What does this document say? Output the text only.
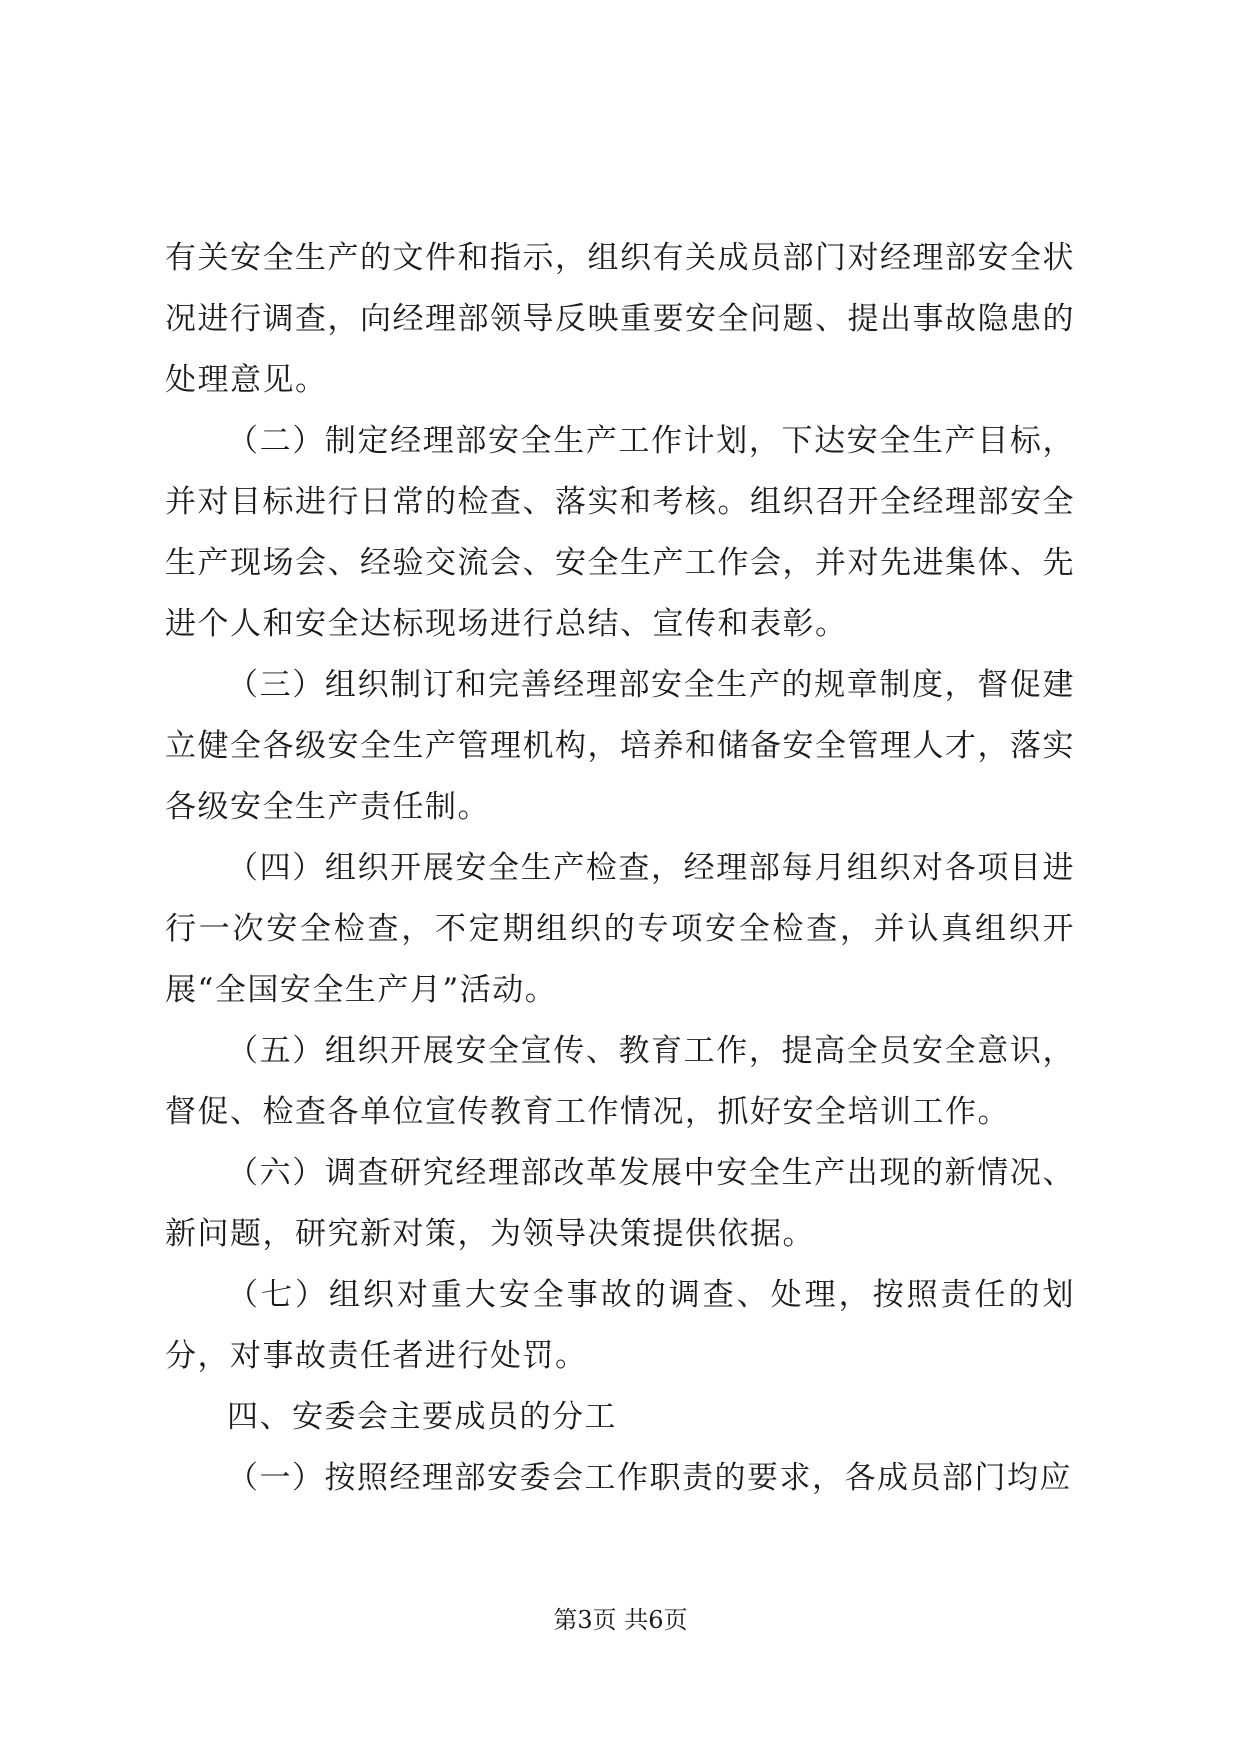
有关安全生产的文件和指示，组织有关成员部门对经理部安全状况进行调查，向经理部领导反映重要安全问题、提出事故隐患的处理意见。

（二）制定经理部安全生产工作计划，下达安全生产目标，并对目标进行日常的检查、落实和考核。组织召开全经理部安全生产现场会、经验交流会、安全生产工作会，并对先进集体、先进个人和安全达标现场进行总结、宣传和表彰。

（三）组织制订和完善经理部安全生产的规章制度，督促建立健全各级安全生产管理机构，培养和储备安全管理人才，落实各级安全生产责任制。

（四）组织开展安全生产检查，经理部每月组织对各项目进行一次安全检查，不定期组织的专项安全检查，并认真组织开展“全国安全生产月”活动。

（五）组织开展安全宣传、教育工作，提高全员安全意识，督促、检查各单位宣传教育工作情况，抓好安全培训工作。

（六）调查研究经理部改革发展中安全生产出现的新情况、新问题，研究新对策，为领导决策提供依据。

（七）组织对重大安全事故的调查、处理，按照责任的划分，对事故责任者进行处罚。

四、安委会主要成员的分工

（一）按照经理部安委会工作职责的要求，各成员部门均应

第3页 共6页
